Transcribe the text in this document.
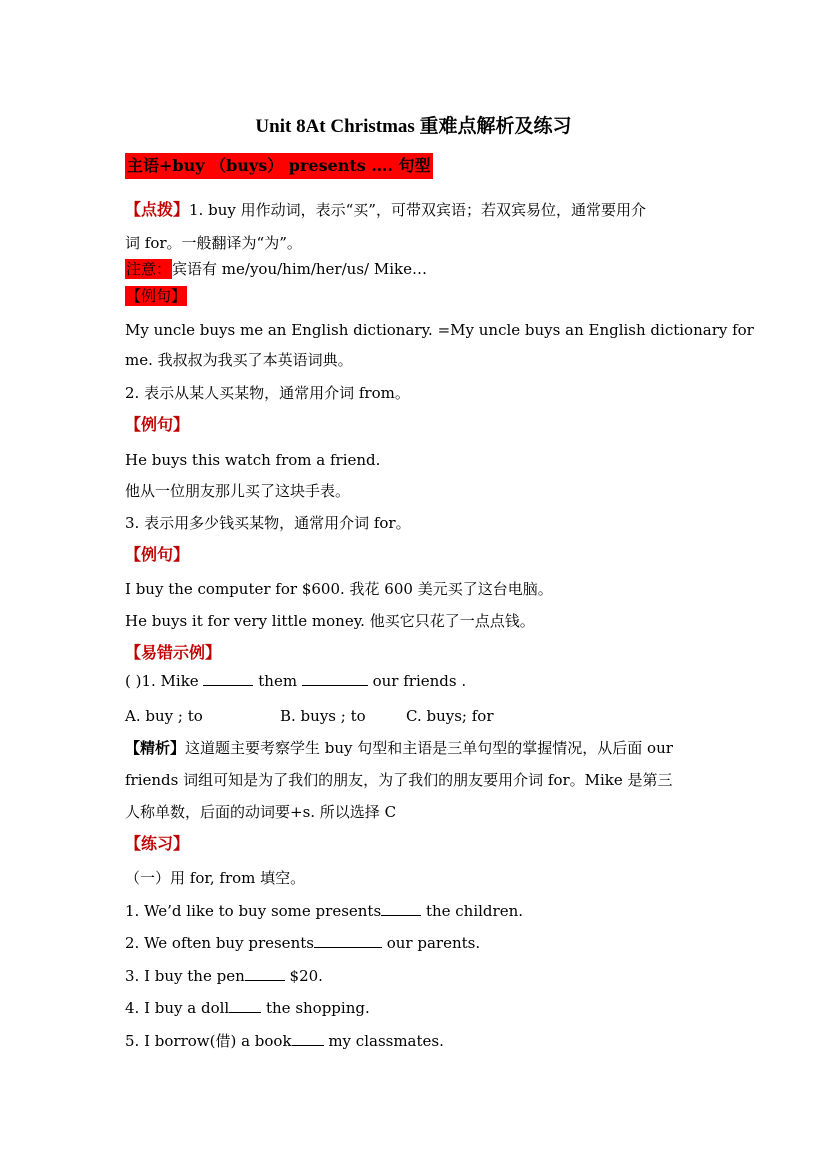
Unit 8At Christmas 重难点解析及练习
主语+buy （buys） presents …. 句型
【点拨】1. buy 用作动词，表示“买”，可带双宾语；若双宾易位，通常要用介
词 for。一般翻译为“为”。
注意：宾语有 me/you/him/her/us/ Mike…
【例句】
My uncle buys me an English dictionary. =My uncle buys an English dictionary for
me. 我叔叔为我买了本英语词典。
2. 表示从某人买某物，通常用介词 from。
【例句】
He buys this watch from a friend.
他从一位朋友那儿买了这块手表。
3. 表示用多少钱买某物，通常用介词 for。
【例句】
I buy the computer for $600. 我花 600 美元买了这台电脑。
He buys it for very little money. 他买它只花了一点点钱。
【易错示例】
( )1. Mike	them	our friends .
A. buy ; to	B. buys ; to	C. buys; for
【精析】这道题主要考察学生 buy 句型和主语是三单句型的掌握情况，从后面 our
friends 词组可知是为了我们的朋友，为了我们的朋友要用介词 for。Mike 是第三
人称单数，后面的动词要+s. 所以选择 C
【练习】
（一）用 for, from 填空。
1. We’d like to buy some presents	the children.
2. We often buy presents	our parents.
3. I buy the pen	$20.
4. I buy a doll the shopping.
5. I borrow(借) a book my classmates.
